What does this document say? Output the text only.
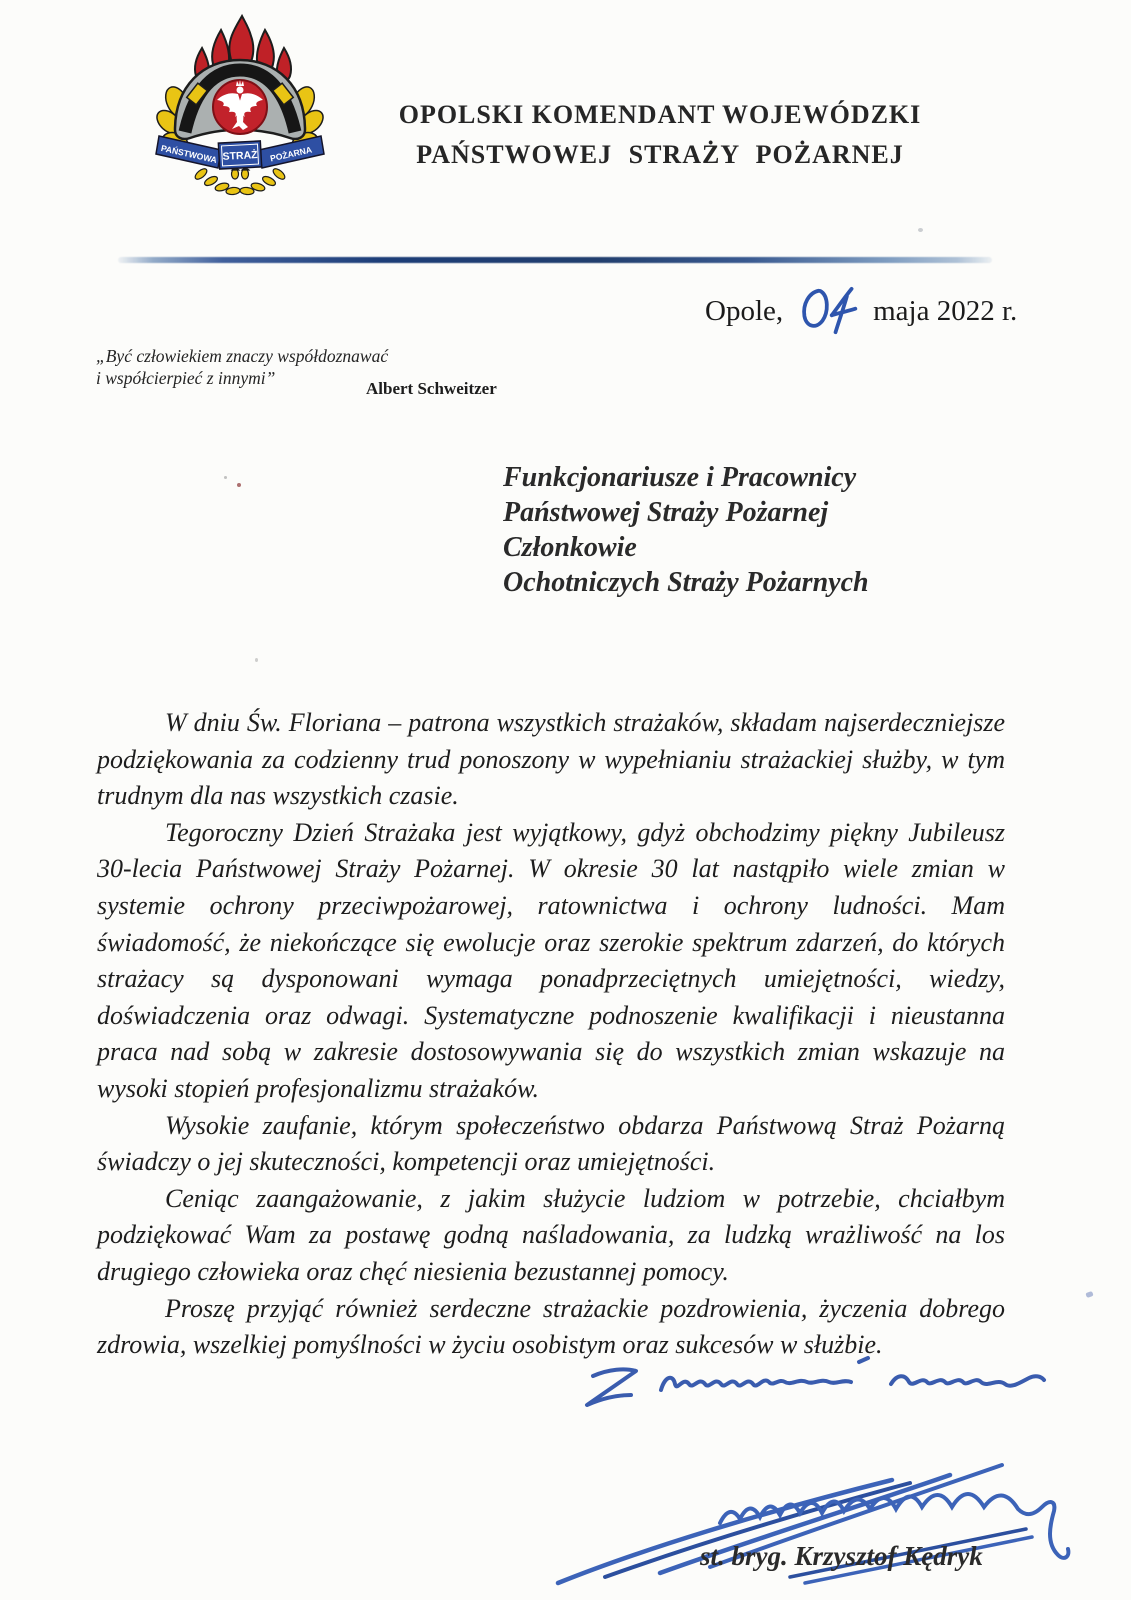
PAŃSTWOWA STRAŻ POŻARNA
OPOLSKI KOMENDANT WOJEWÓDZKI
PAŃSTWOWEJ STRAŻY POŻARNEJ
Opole,	maja 2022 r.
„Być człowiekiem znaczy współdoznawać
i współcierpieć z innymi”
Albert Schweitzer
Funkcjonariusze i Pracownicy
Państwowej Straży Pożarnej
Członkowie
Ochotniczych Straży Pożarnych

W dniu Św. Floriana – patrona wszystkich strażaków, składam najserdeczniejsze podziękowania za codzienny trud ponoszony w wypełnianiu strażackiej służby, w tym trudnym dla nas wszystkich czasie.

Tegoroczny Dzień Strażaka jest wyjątkowy, gdyż obchodzimy piękny Jubileusz 30-lecia Państwowej Straży Pożarnej. W okresie 30 lat nastąpiło wiele zmian w systemie ochrony przeciwpożarowej, ratownictwa i ochrony ludności. Mam świadomość, że niekończące się ewolucje oraz szerokie spektrum zdarzeń, do których strażacy są dysponowani wymaga ponadprzeciętnych umiejętności, wiedzy, doświadczenia oraz odwagi. Systematyczne podnoszenie kwalifikacji i nieustanna praca nad sobą w zakresie dostosowywania się do wszystkich zmian wskazuje na wysoki stopień profesjonalizmu strażaków.

Wysokie zaufanie, którym społeczeństwo obdarza Państwową Straż Pożarną świadczy o jej skuteczności, kompetencji oraz umiejętności.

Ceniąc zaangażowanie, z jakim służycie ludziom w potrzebie, chciałbym podziękować Wam za postawę godną naśladowania, za ludzką wrażliwość na los drugiego człowieka oraz chęć niesienia bezustannej pomocy.

Proszę przyjąć również serdeczne strażackie pozdrowienia, życzenia dobrego zdrowia, wszelkiej pomyślności w życiu osobistym oraz sukcesów w służbie.

st. bryg. Krzysztof Kędryk
